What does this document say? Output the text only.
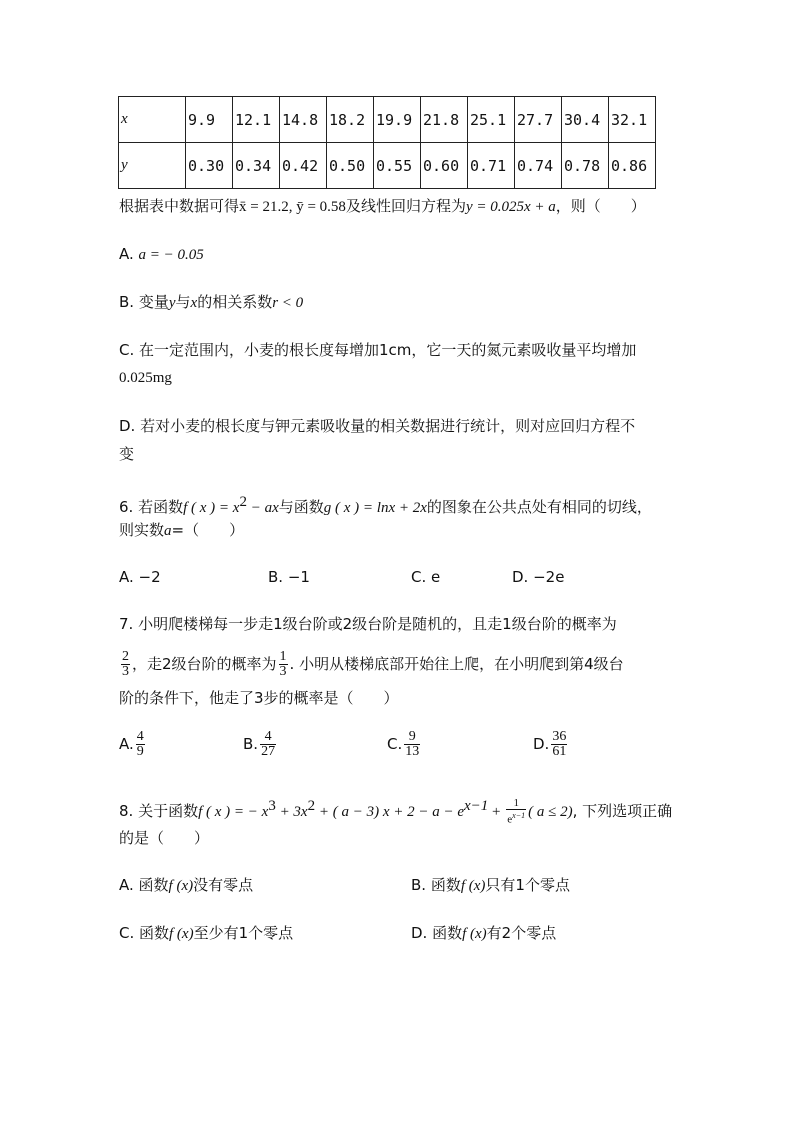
x	9.9	12.1	14.8	18.2	19.9	21.8	25.1	27.7	30.4	32.1
y	0.30	0.34	0.42	0.50	0.55	0.60	0.71	0.74	0.78	0.86
根据表中数据可得x̄ = 21.2, ȳ = 0.58及线性回归方程为y = 0.025x + a，则（　　）
A. a = − 0.05
B. 变量y与x的相关系数r < 0
C. 在一定范围内，小麦的根长度每增加1cm，它一天的氮元素吸收量平均增加
0.025mg
D. 若对小麦的根长度与钾元素吸收量的相关数据进行统计，则对应回归方程不
变
6. 若函数f ( x ) = $x^2$ − ax与函数g ( x ) = lnx + 2x的图象在公共点处有相同的切线，
则实数a=（　　）
A. −2	B. −1	C. e	D. −2e
7. 小明爬楼梯每一步走1级台阶或2级台阶是随机的，且走1级台阶的概率为
$\frac{2}{3}$ ，走2级台阶的概率为 $\frac{1}{3}$ . 小明从楼梯底部开始往上爬，在小明爬到第4级台
阶的条件下，他走了3步的概率是（　　）
A. $\frac{4}{9}$	B. $\frac{4}{27}$	C. $\frac{9}{13}$	D. $\frac{36}{61}$
8. 关于函数f ( x ) = − $x^3 + 3x^2$ + ( a − 3) $x + 2 - a - e^{x-1} + \frac{1}{e^{x-1}}$ ( a ≤ 2), 下列选项正确
的是（　　）
A. 函数f (x)没有零点	B. 函数f (x)只有1个零点
C. 函数f (x)至少有1个零点	D. 函数f (x)有2个零点
